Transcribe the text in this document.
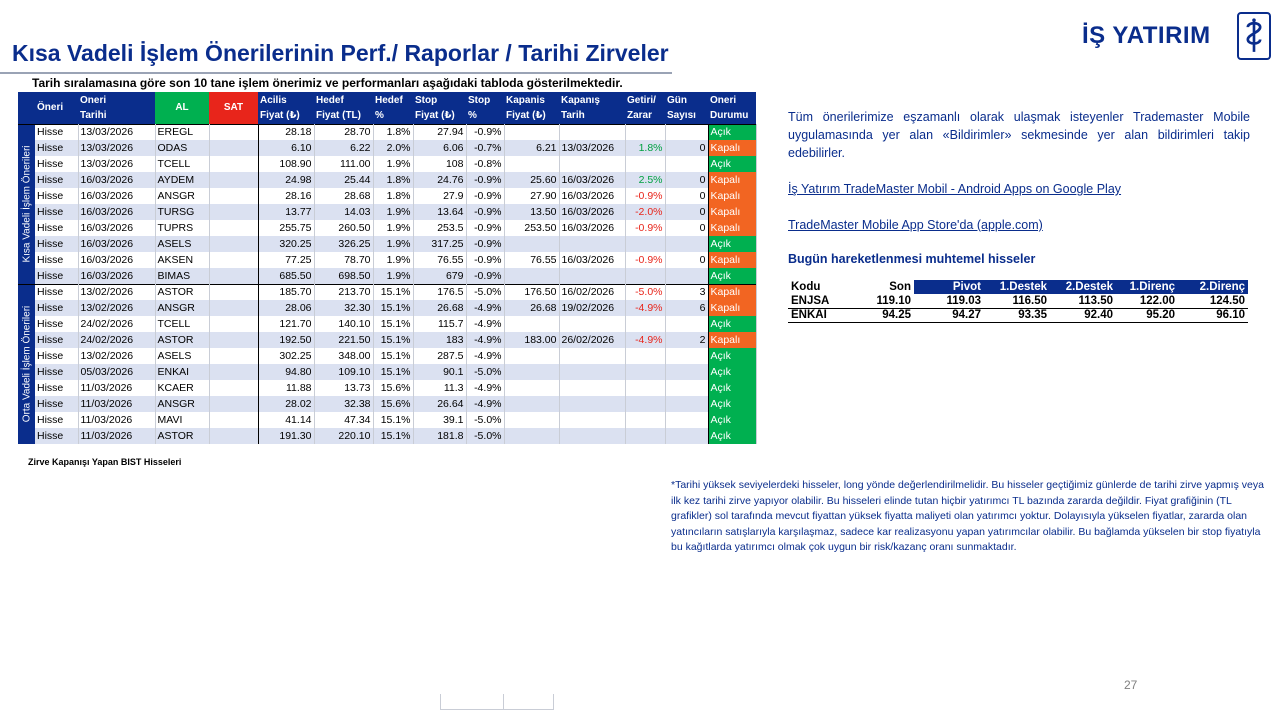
Kısa Vadeli İşlem Önerilerinin Perf./ Raporlar / Tarihi Zirveler
İŞ YATIRIM
Tarih sıralamasına göre son 10 tane işlem önerimiz ve performanları aşağıdaki tabloda gösterilmektedir.
	Öneri	Oneri	AL	SAT	Acilis	Hedef	Hedef	Stop	Stop	Kapanis	Kapanış	Getiri/	Gün	Oneri
		Tarihi			Fiyat (₺)	Fiyat (TL)	%	Fiyat (₺)	%	Fiyat (₺)	Tarih	Zarar	Sayısı	Durumu

Kısa Vadeli İşlem Önerileri	Hisse	13/03/2026	EREGL		28.18	28.70	1.8%	27.94	-0.9%					Açık
	Hisse	13/03/2026	ODAS		6.10	6.22	2.0%	6.06	-0.7%	6.21	13/03/2026	1.8%	0	Kapalı
	Hisse	13/03/2026	TCELL		108.90	111.00	1.9%	108	-0.8%					Açık
	Hisse	16/03/2026	AYDEM		24.98	25.44	1.8%	24.76	-0.9%	25.60	16/03/2026	2.5%	0	Kapalı
	Hisse	16/03/2026	ANSGR		28.16	28.68	1.8%	27.9	-0.9%	27.90	16/03/2026	-0.9%	0	Kapalı
	Hisse	16/03/2026	TURSG		13.77	14.03	1.9%	13.64	-0.9%	13.50	16/03/2026	-2.0%	0	Kapalı
	Hisse	16/03/2026	TUPRS		255.75	260.50	1.9%	253.5	-0.9%	253.50	16/03/2026	-0.9%	0	Kapalı
	Hisse	16/03/2026	ASELS		320.25	326.25	1.9%	317.25	-0.9%					Açık
	Hisse	16/03/2026	AKSEN		77.25	78.70	1.9%	76.55	-0.9%	76.55	16/03/2026	-0.9%	0	Kapalı
	Hisse	16/03/2026	BIMAS		685.50	698.50	1.9%	679	-0.9%					Açık

Orta Vadeli İşlem Önerileri	Hisse	13/02/2026	ASTOR		185.70	213.70	15.1%	176.5	-5.0%	176.50	16/02/2026	-5.0%	3	Kapalı
	Hisse	13/02/2026	ANSGR		28.06	32.30	15.1%	26.68	-4.9%	26.68	19/02/2026	-4.9%	6	Kapalı
	Hisse	24/02/2026	TCELL		121.70	140.10	15.1%	115.7	-4.9%					Açık
	Hisse	24/02/2026	ASTOR		192.50	221.50	15.1%	183	-4.9%	183.00	26/02/2026	-4.9%	2	Kapalı
	Hisse	13/02/2026	ASELS		302.25	348.00	15.1%	287.5	-4.9%					Açık
	Hisse	05/03/2026	ENKAI		94.80	109.10	15.1%	90.1	-5.0%					Açık
	Hisse	11/03/2026	KCAER		11.88	13.73	15.6%	11.3	-4.9%					Açık
	Hisse	11/03/2026	ANSGR		28.02	32.38	15.6%	26.64	-4.9%					Açık
	Hisse	11/03/2026	MAVI		41.14	47.34	15.1%	39.1	-5.0%					Açık
	Hisse	11/03/2026	ASTOR		191.30	220.10	15.1%	181.8	-5.0%					Açık

Tüm önerilerimize eşzamanlı olarak ulaşmak isteyenler Trademaster Mobile uygulamasında yer alan «Bildirimler» sekmesinde yer alan bildirimleri takip edebilirler.

İş Yatırım TradeMaster Mobil - Android Apps on Google Play
TradeMaster Mobile App Store'da (apple.com)

Bugün hareketlenmesi muhtemel hisseler

Kodu	Son	Pivot	1.Destek	2.Destek	1.Direnç	2.Direnç
ENJSA	119.10	119.03	116.50	113.50	122.00	124.50
ENKAI	94.25	94.27	93.35	92.40	95.20	96.10
Zirve Kapanışı Yapan BIST Hisseleri
*Tarihi yüksek seviyelerdeki hisseler, long yönde değerlendirilmelidir. Bu hisseler geçtiğimiz günlerde de tarihi zirve yapmış veya ilk kez tarihi zirve yapıyor olabilir. Bu hisseleri elinde tutan hiçbir yatırımcı TL bazında zararda değildir. Fiyat grafiğinin (TL grafikler) sol tarafında mevcut fiyattan yüksek fiyatta maliyeti olan yatırımcı yoktur. Dolayısıyla yükselen fiyatlar, zararda olan yatıncıların satışlarıyla karşılaşmaz, sadece kar realizasyonu yapan yatırımcılar olabilir. Bu bağlamda yükselen bir stop fiyatıyla bu kağıtlarda yatırımcı olmak çok uygun bir risk/kazanç oranı sunmaktadır.
27
